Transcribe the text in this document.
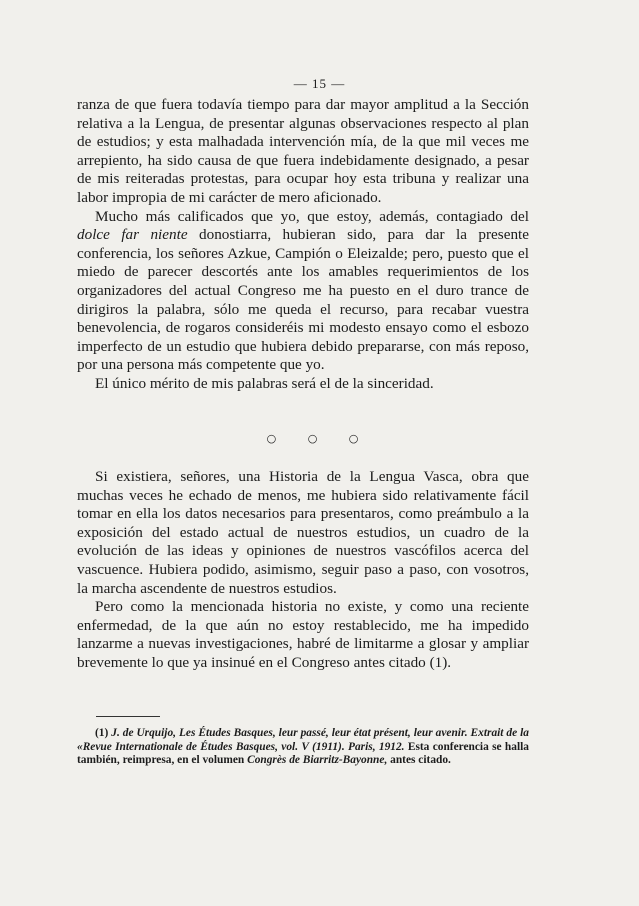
— 15 —

ranza de que fuera todavía tiempo para dar mayor amplitud a la Sección relativa a la Lengua, de presentar algunas observaciones respecto al plan de estudios; y esta malhadada intervención mía, de la que mil veces me arrepiento, ha sido causa de que fuera indebidamente designado, a pesar de mis reiteradas protestas, para ocupar hoy esta tribuna y realizar una labor impropia de mi carácter de mero aficionado.

Mucho más calificados que yo, que estoy, además, contagiado del dolce far niente donostiarra, hubieran sido, para dar la presente conferencia, los señores Azkue, Campión o Eleizalde; pero, puesto que el miedo de parecer descortés ante los amables requerimientos de los organizadores del actual Congreso me ha puesto en el duro trance de dirigiros la palabra, sólo me queda el recurso, para recabar vuestra benevolencia, de rogaros consideréis mi modesto ensayo como el esbozo imperfecto de un estudio que hubiera debido prepararse, con más reposo, por una persona más competente que yo.

El único mérito de mis palabras será el de la sinceridad.

○ ○ ○

Si existiera, señores, una Historia de la Lengua Vasca, obra que muchas veces he echado de menos, me hubiera sido relativamente fácil tomar en ella los datos necesarios para presentaros, como preámbulo a la exposición del estado actual de nuestros estudios, un cuadro de la evolución de las ideas y opiniones de nuestros vascófilos acerca del vascuence. Hubiera podido, asimismo, seguir paso a paso, con vosotros, la marcha ascendente de nuestros estudios.

Pero como la mencionada historia no existe, y como una reciente enfermedad, de la que aún no estoy restablecido, me ha impedido lanzarme a nuevas investigaciones, habré de limitarme a glosar y ampliar brevemente lo que ya insinué en el Congreso antes citado (1).

(1) J. de Urquijo, Les Études Basques, leur passé, leur état présent, leur avenir. Extrait de la «Revue Internationale de Études Basques, vol. V (1911). Paris, 1912. Esta conferencia se halla también, reimpresa, en el volumen Congrès de Biarritz-Bayonne, antes citado.
